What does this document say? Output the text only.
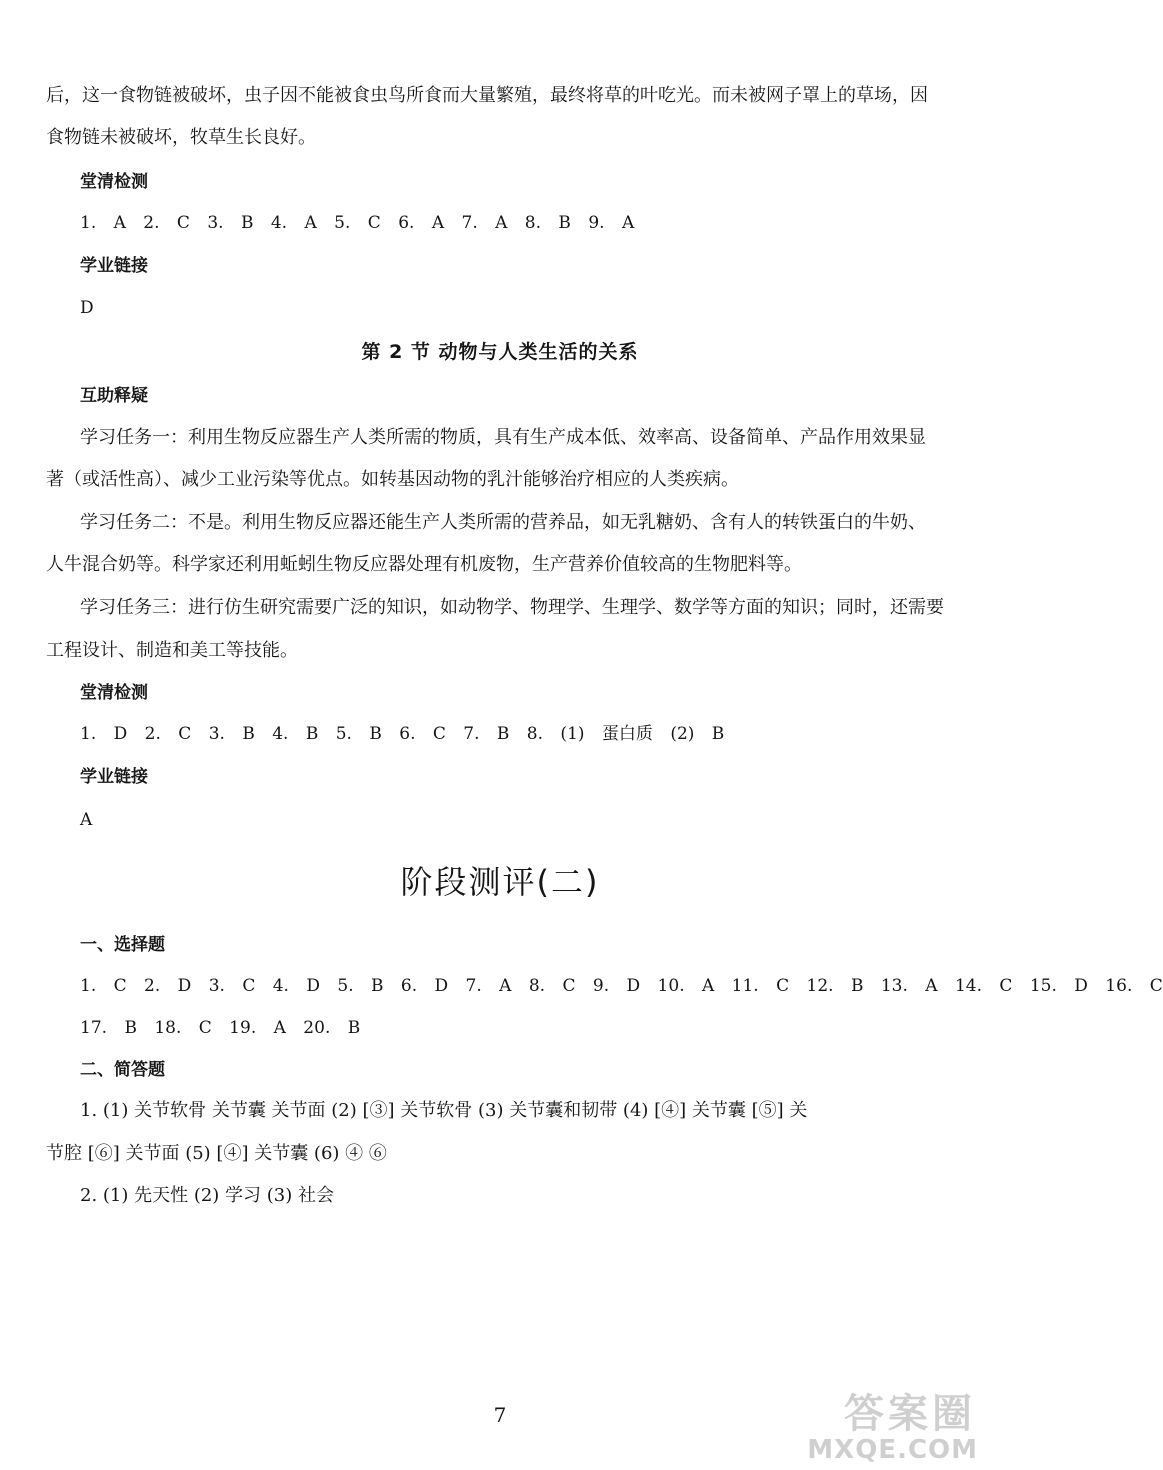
后，这一食物链被破坏，虫子因不能被食虫鸟所食而大量繁殖，最终将草的叶吃光。而未被网子罩上的草场，因
食物链未被破坏，牧草生长良好。
堂清检测
1. A 2. C 3. B 4. A 5. C 6. A 7. A 8. B 9. A
学业链接
D
第 2 节 动物与人类生活的关系
互助释疑
学习任务一：利用生物反应器生产人类所需的物质，具有生产成本低、效率高、设备简单、产品作用效果显
著（或活性高）、减少工业污染等优点。如转基因动物的乳汁能够治疗相应的人类疾病。
学习任务二：不是。利用生物反应器还能生产人类所需的营养品，如无乳糖奶、含有人的转铁蛋白的牛奶、
人牛混合奶等。科学家还利用蚯蚓生物反应器处理有机废物，生产营养价值较高的生物肥料等。
学习任务三：进行仿生研究需要广泛的知识，如动物学、物理学、生理学、数学等方面的知识；同时，还需要
工程设计、制造和美工等技能。
堂清检测
1. D 2. C 3. B 4. B 5. B 6. C 7. B 8. (1) 蛋白质 (2) B
学业链接
A
阶段测评(二)
一、选择题
1. C 2. D 3. C 4. D 5. B 6. D 7. A 8. C 9. D 10. A 11. C 12. B 13. A 14. C 15. D 16. C
17. B 18. C 19. A 20. B
二、简答题
1. (1) 关节软骨 关节囊 关节面 (2) [③] 关节软骨 (3) 关节囊和韧带 (4) [④] 关节囊 [⑤] 关
节腔 [⑥] 关节面 (5) [④] 关节囊 (6) ④ ⑥
2. (1) 先天性 (2) 学习 (3) 社会
7	答案圈
MXQE.COM
